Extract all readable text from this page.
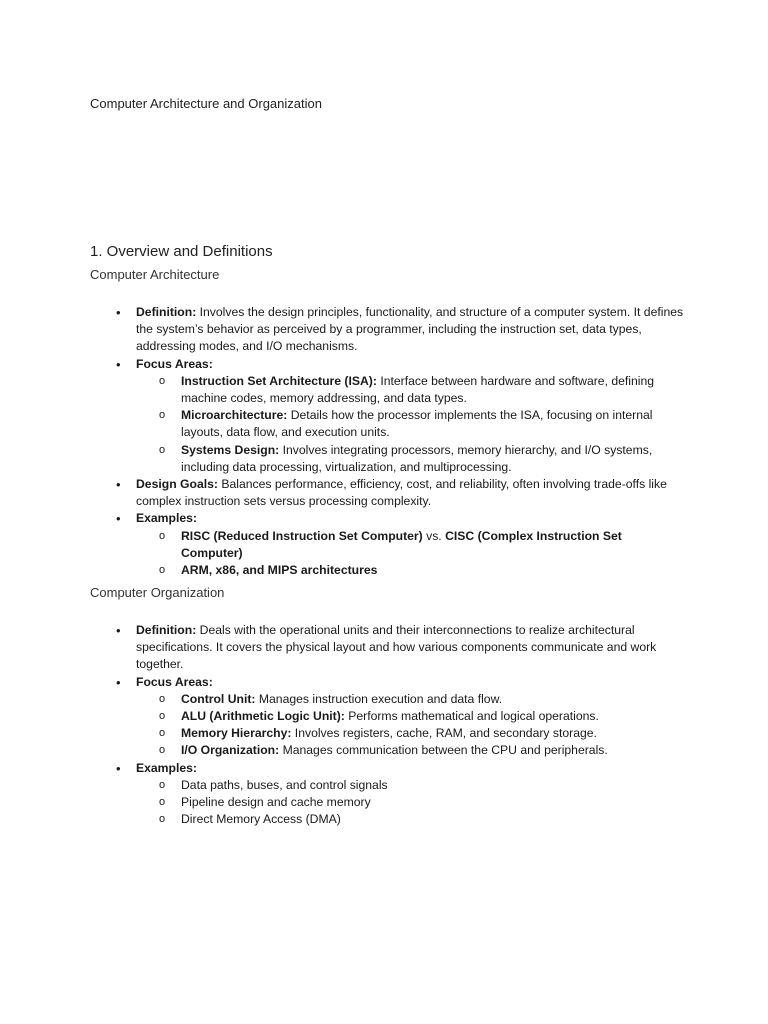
Computer Architecture and Organization
1. Overview and Definitions
Computer Architecture
• Definition: Involves the design principles, functionality, and structure of a computer system. It defines the system’s behavior as perceived by a programmer, including the instruction set, data types, addressing modes, and I/O mechanisms.
• Focus Areas:
o Instruction Set Architecture (ISA): Interface between hardware and software, defining machine codes, memory addressing, and data types.
o Microarchitecture: Details how the processor implements the ISA, focusing on internal layouts, data flow, and execution units.
o Systems Design: Involves integrating processors, memory hierarchy, and I/O systems, including data processing, virtualization, and multiprocessing.
• Design Goals: Balances performance, efficiency, cost, and reliability, often involving trade-offs like complex instruction sets versus processing complexity.
• Examples:
o RISC (Reduced Instruction Set Computer) vs. CISC (Complex Instruction Set Computer)
o ARM, x86, and MIPS architectures
Computer Organization
• Definition: Deals with the operational units and their interconnections to realize architectural specifications. It covers the physical layout and how various components communicate and work together.
• Focus Areas:
o Control Unit: Manages instruction execution and data flow.
o ALU (Arithmetic Logic Unit): Performs mathematical and logical operations.
o Memory Hierarchy: Involves registers, cache, RAM, and secondary storage.
o I/O Organization: Manages communication between the CPU and peripherals.
• Examples:
o Data paths, buses, and control signals
o Pipeline design and cache memory
o Direct Memory Access (DMA)
